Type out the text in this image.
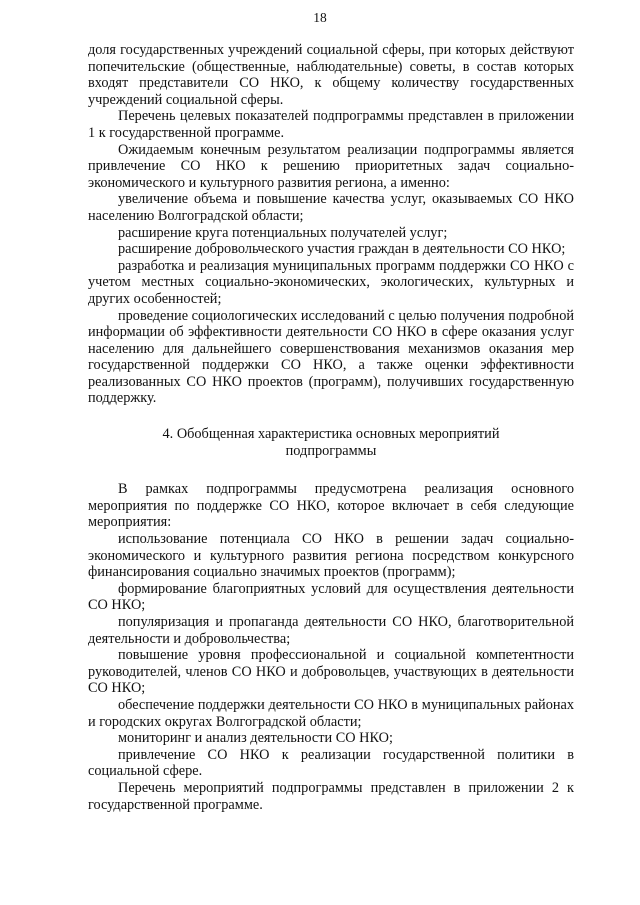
18

доля государственных учреждений социальной сферы, при которых действуют попечительские (общественные, наблюдательные) советы, в состав которых входят представители СО НКО, к общему количеству государственных учреждений социальной сферы.

Перечень целевых показателей подпрограммы представлен в приложении 1 к государственной программе.

Ожидаемым конечным результатом реализации подпрограммы является привлечение СО НКО к решению приоритетных задач социально-экономического и культурного развития региона, а именно:

увеличение объема и повышение качества услуг, оказываемых СО НКО населению Волгоградской области;

расширение круга потенциальных получателей услуг;

расширение добровольческого участия граждан в деятельности СО НКО;

разработка и реализация муниципальных программ поддержки СО НКО с учетом местных социально-экономических, экологических, культурных и других особенностей;

проведение социологических исследований с целью получения подробной информации об эффективности деятельности СО НКО в сфере оказания услуг населению для дальнейшего совершенствования механизмов оказания мер государственной поддержки СО НКО, а также оценки эффективности реализованных СО НКО проектов (программ), получивших государственную поддержку.

4. Обобщенная характеристика основных мероприятий
подпрограммы

В рамках подпрограммы предусмотрена реализация основного мероприятия по поддержке СО НКО, которое включает в себя следующие мероприятия:

использование потенциала СО НКО в решении задач социально-экономического и культурного развития региона посредством конкурсного финансирования социально значимых проектов (программ);

формирование благоприятных условий для осуществления деятельности СО НКО;

популяризация и пропаганда деятельности СО НКО, благотворительной деятельности и добровольчества;

повышение уровня профессиональной и социальной компетентности руководителей, членов СО НКО и добровольцев, участвующих в деятельности СО НКО;

обеспечение поддержки деятельности СО НКО в муниципальных районах и городских округах Волгоградской области;

мониторинг и анализ деятельности СО НКО;

привлечение СО НКО к реализации государственной политики в социальной сфере.

Перечень мероприятий подпрограммы представлен в приложении 2 к государственной программе.
